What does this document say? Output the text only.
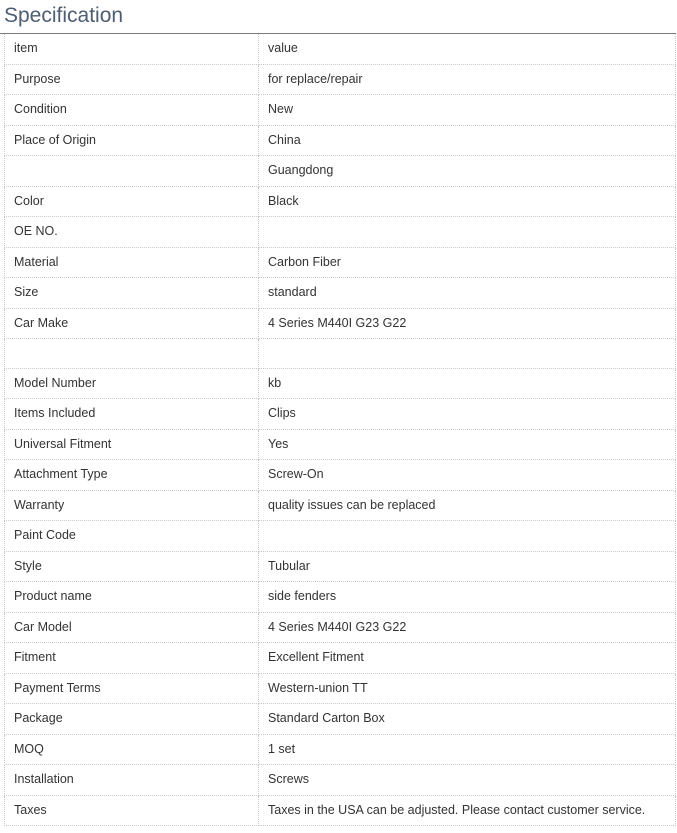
Specification
item	value
Purpose	for replace/repair
Condition	New
Place of Origin	China
	Guangdong
Color	Black
OE NO.	
Material	Carbon Fiber
Size	standard
Car Make	4 Series M440I G23 G22

Model Number	kb
Items Included	Clips
Universal Fitment	Yes
Attachment Type	Screw-On
Warranty	quality issues can be replaced
Paint Code	
Style	Tubular
Product name	side fenders
Car Model	4 Series M440I G23 G22
Fitment	Excellent Fitment
Payment Terms	Western-union TT
Package	Standard Carton Box
MOQ	1 set
Installation	Screws
Taxes	Taxes in the USA can be adjusted. Please contact customer service.
